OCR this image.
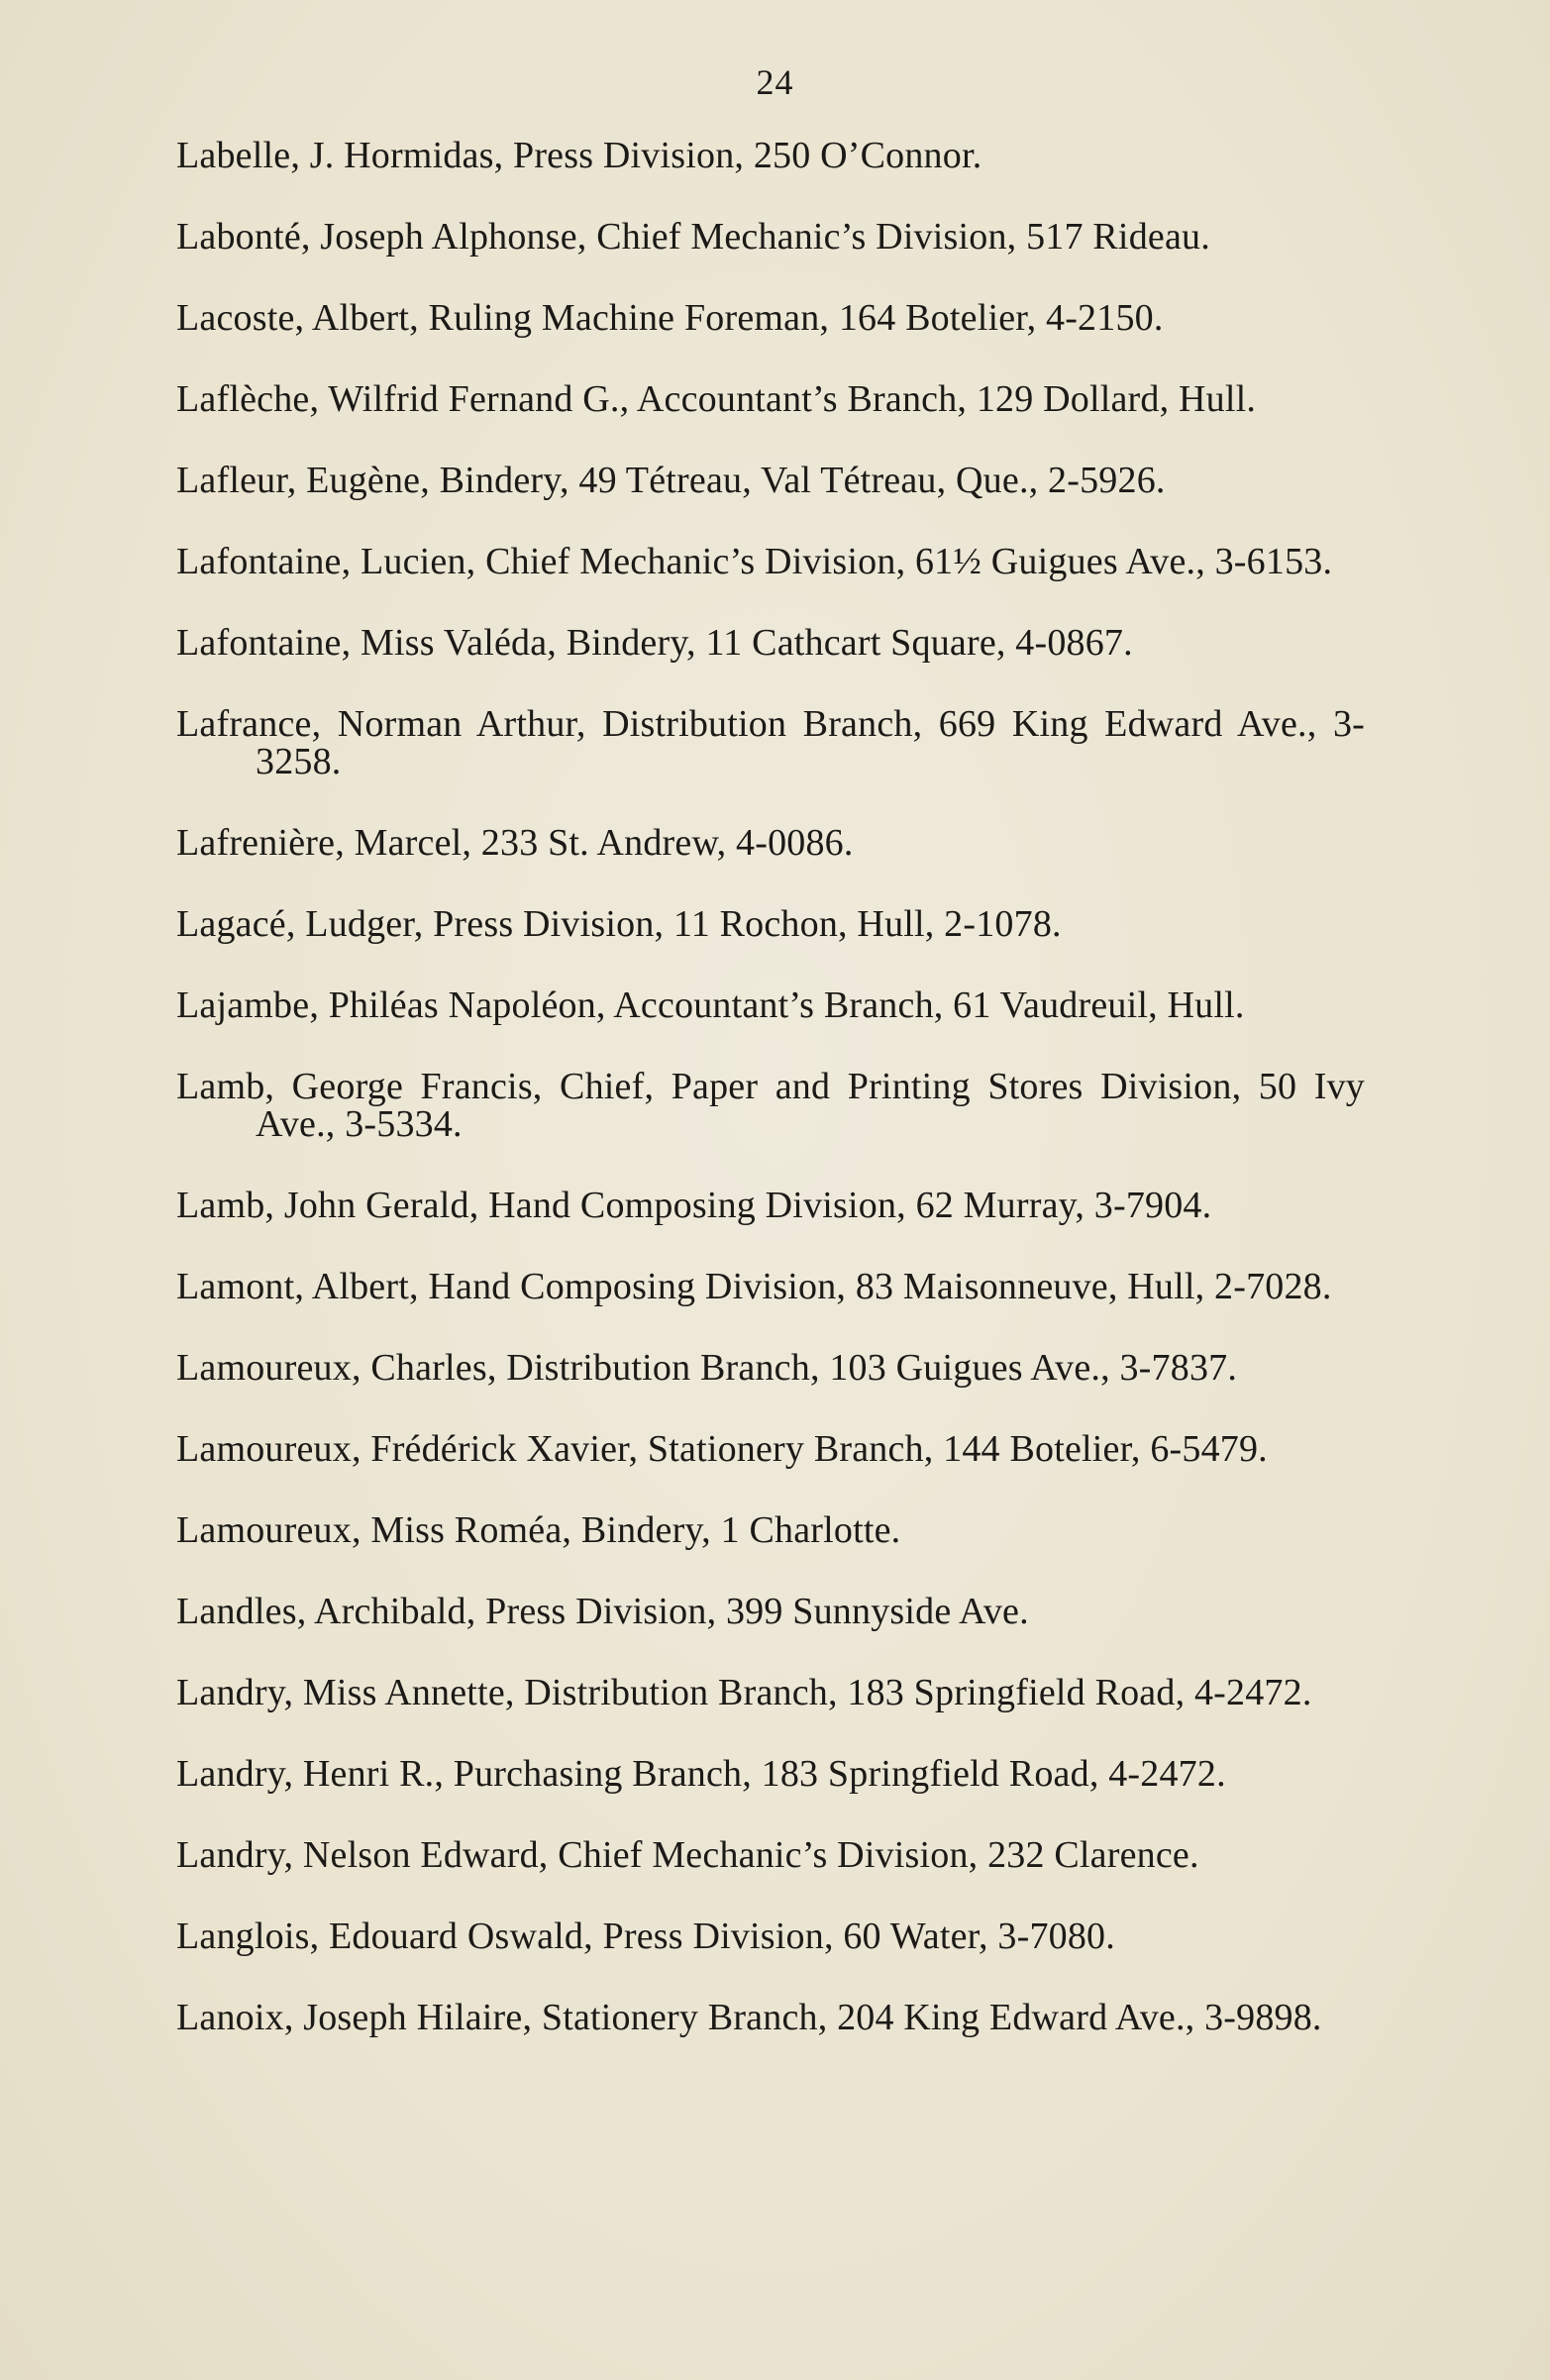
24
Labelle, J. Hormidas, Press Division, 250 O’Connor.
Labonté, Joseph Alphonse, Chief Mechanic’s Division, 517 Rideau.
Lacoste, Albert, Ruling Machine Foreman, 164 Botelier, 4-2150.
Laflèche, Wilfrid Fernand G., Accountant’s Branch, 129 Dollard, Hull.
Lafleur, Eugène, Bindery, 49 Tétreau, Val Tétreau, Que., 2-5926.
Lafontaine, Lucien, Chief Mechanic’s Division, 61½ Guigues Ave., 3-6153.
Lafontaine, Miss Valéda, Bindery, 11 Cathcart Square, 4-0867.
Lafrance, Norman Arthur, Distribution Branch, 669 King Edward Ave., 3-3258.
Lafrenière, Marcel, 233 St. Andrew, 4-0086.
Lagacé, Ludger, Press Division, 11 Rochon, Hull, 2-1078.
Lajambe, Philéas Napoléon, Accountant’s Branch, 61 Vaudreuil, Hull.
Lamb, George Francis, Chief, Paper and Printing Stores Division, 50 Ivy Ave., 3-5334.
Lamb, John Gerald, Hand Composing Division, 62 Murray, 3-7904.
Lamont, Albert, Hand Composing Division, 83 Maisonneuve, Hull, 2-7028.
Lamoureux, Charles, Distribution Branch, 103 Guigues Ave., 3-7837.
Lamoureux, Frédérick Xavier, Stationery Branch, 144 Botelier, 6-5479.
Lamoureux, Miss Roméa, Bindery, 1 Charlotte.
Landles, Archibald, Press Division, 399 Sunnyside Ave.
Landry, Miss Annette, Distribution Branch, 183 Springfield Road, 4-2472.
Landry, Henri R., Purchasing Branch, 183 Springfield Road, 4-2472.
Landry, Nelson Edward, Chief Mechanic’s Division, 232 Clarence.
Langlois, Edouard Oswald, Press Division, 60 Water, 3-7080.
Lanoix, Joseph Hilaire, Stationery Branch, 204 King Edward Ave., 3-9898.
